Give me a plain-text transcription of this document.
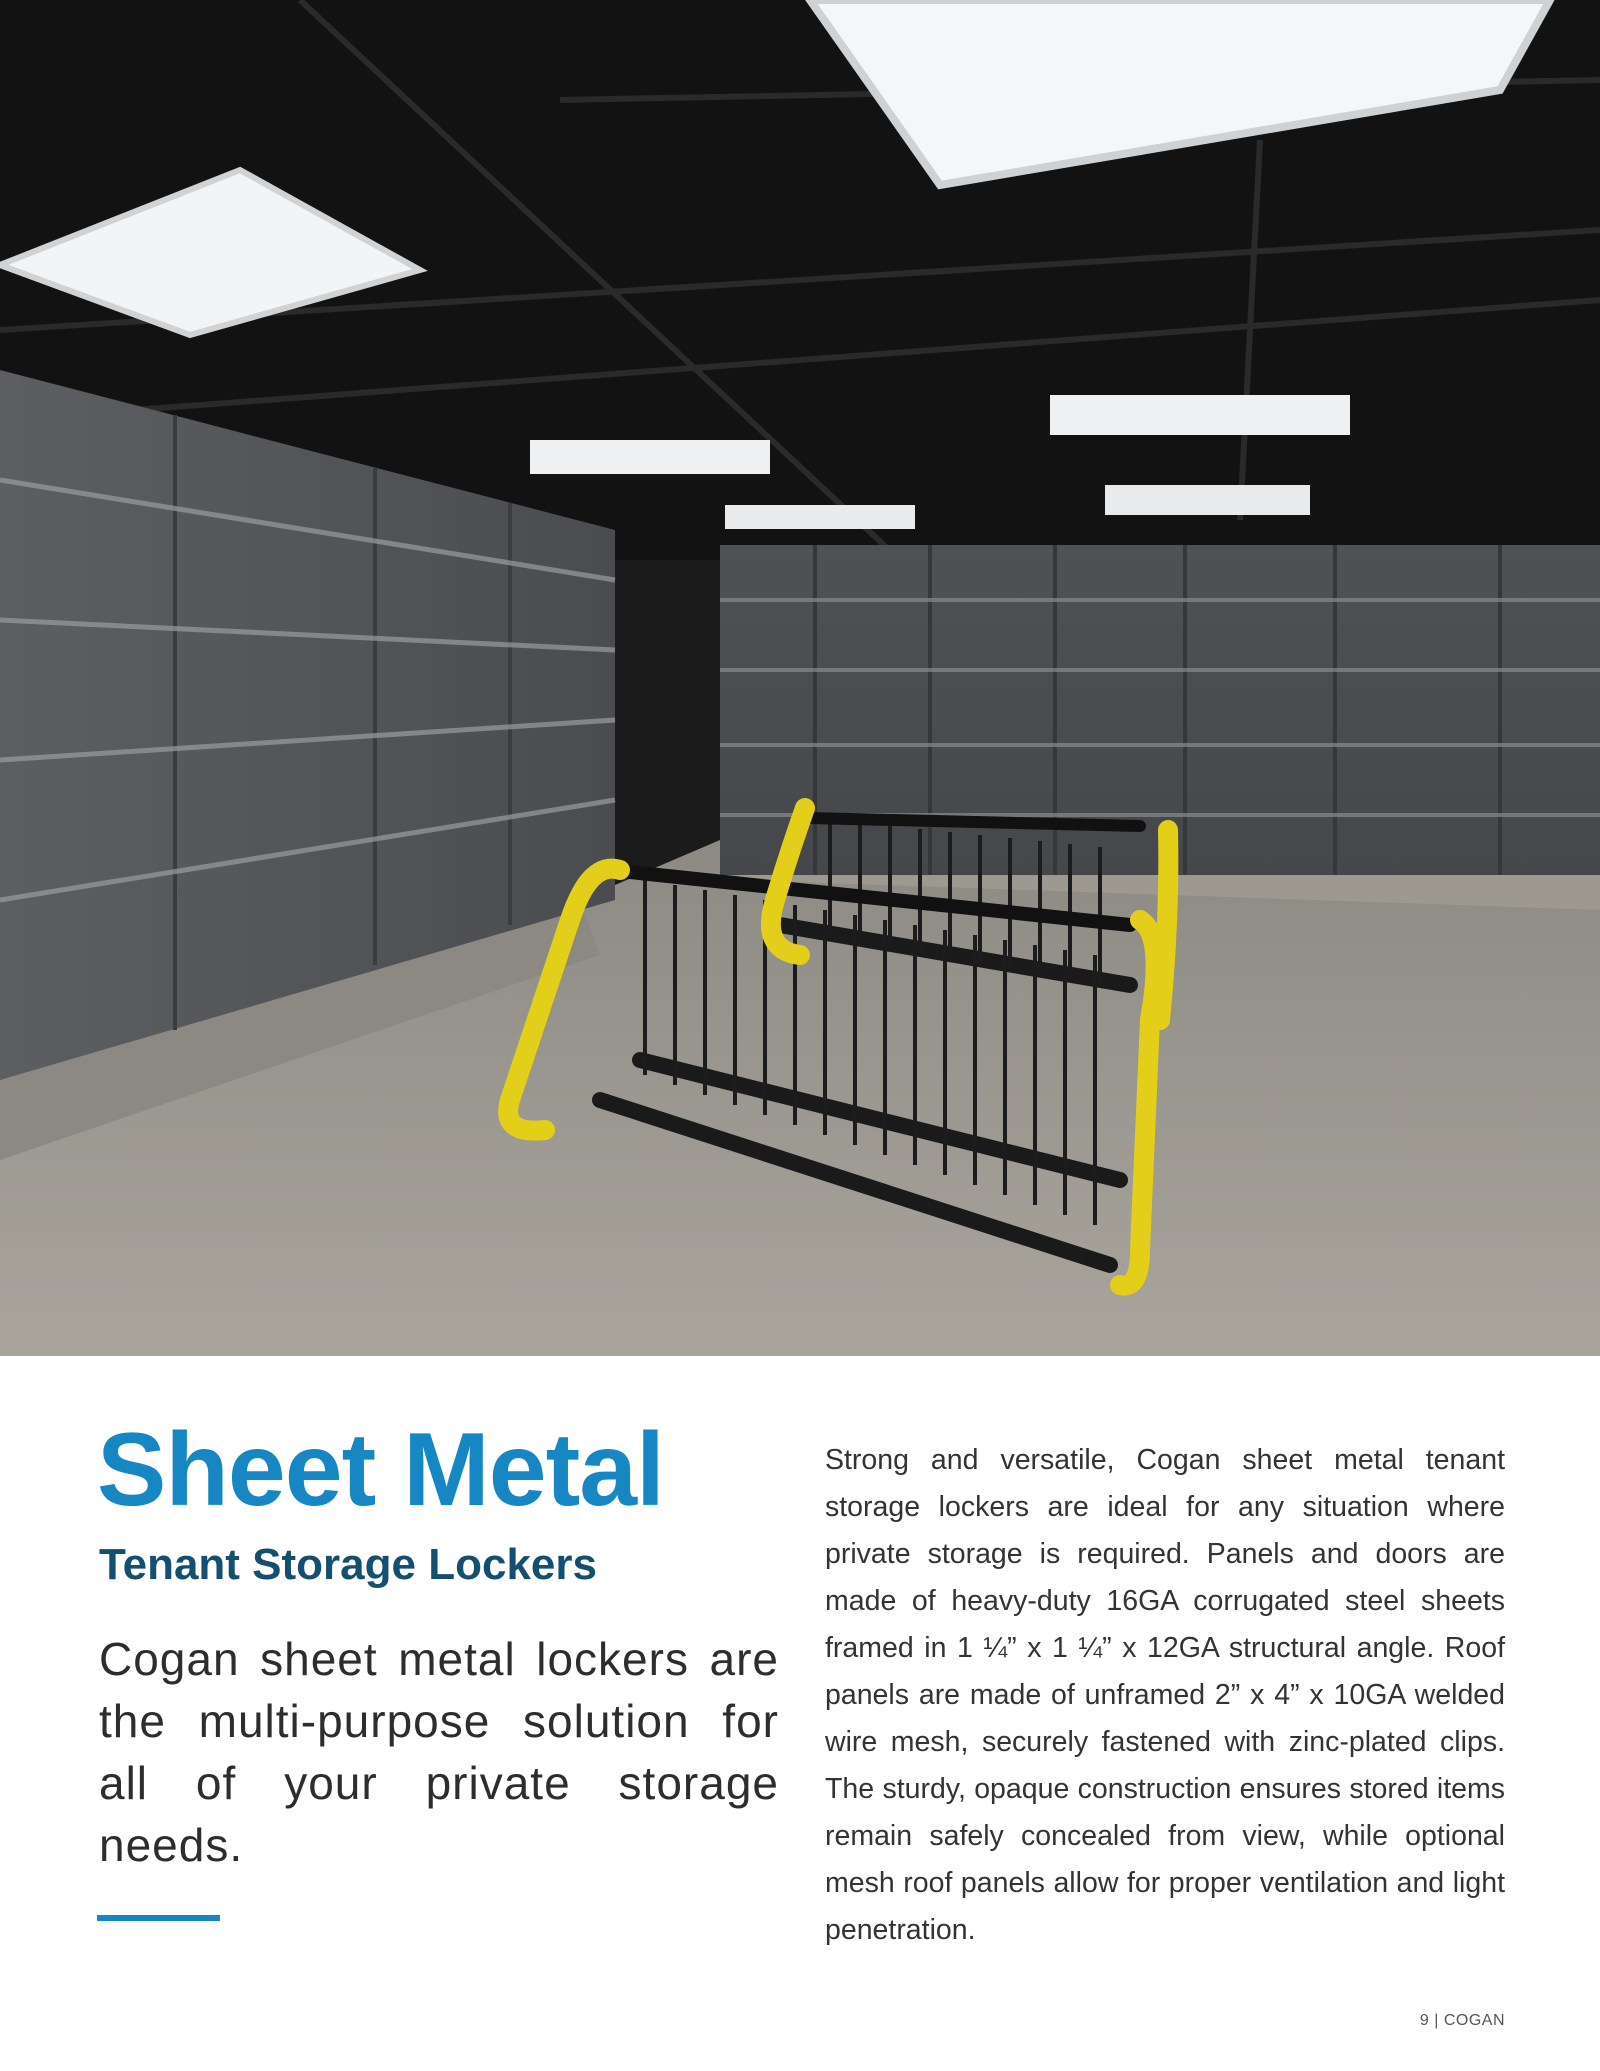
Sheet Metal
Tenant Storage Lockers

Cogan sheet metal lockers are the multi-purpose solution for all of your private storage needs.

Strong and versatile, Cogan sheet metal tenant storage lockers are ideal for any situation where private storage is required. Panels and doors are made of heavy-duty 16GA corrugated steel sheets framed in 1 ¼” x 1 ¼” x 12GA structural angle. Roof panels are made of unframed 2” x 4” x 10GA welded wire mesh, securely fastened with zinc-plated clips. The sturdy, opaque construction ensures stored items remain safely concealed from view, while optional mesh roof panels allow for proper ventilation and light penetration.

9 | COGAN
